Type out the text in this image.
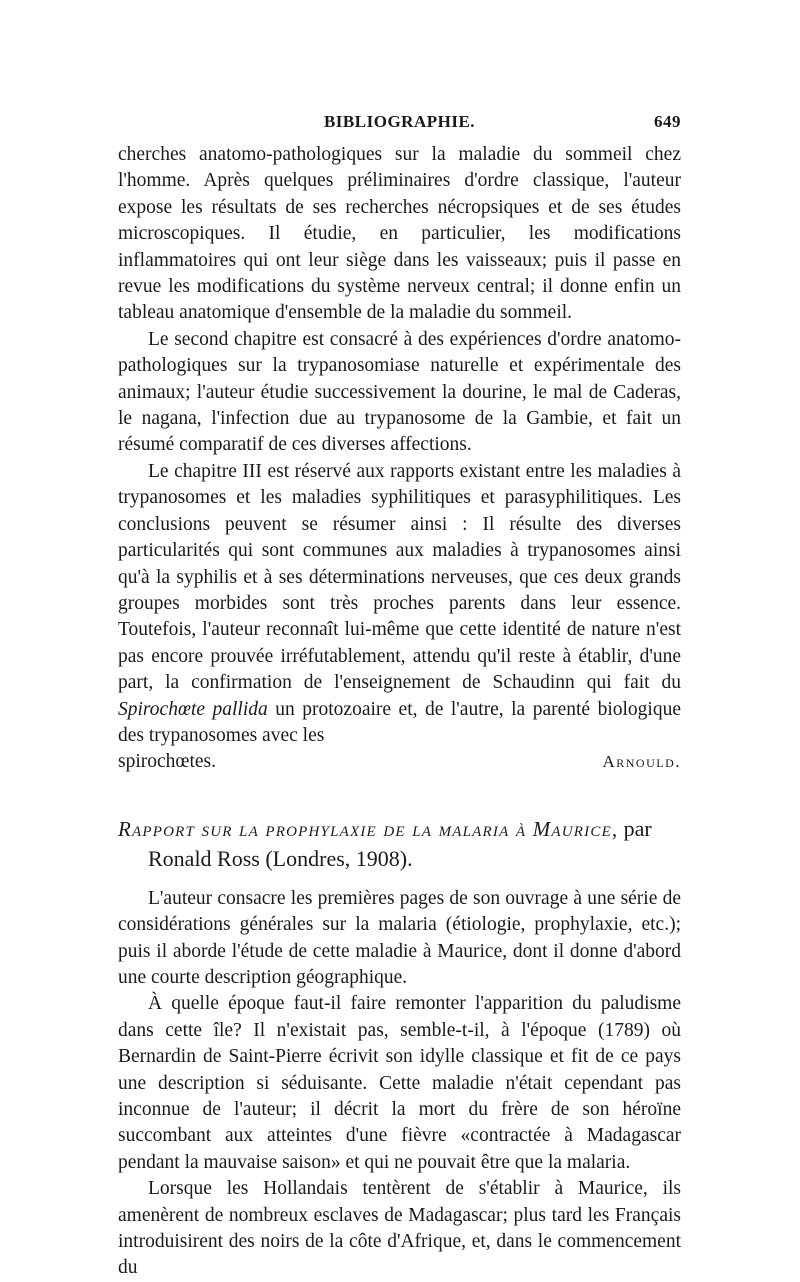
BIBLIOGRAPHIE.	649

cherches anatomo-pathologiques sur la maladie du sommeil chez l'homme. Après quelques préliminaires d'ordre classique, l'auteur expose les résultats de ses recherches nécropsiques et de ses études microscopiques. Il étudie, en particulier, les modifications inflammatoires qui ont leur siège dans les vaisseaux; puis il passe en revue les modifications du système nerveux central; il donne enfin un tableau anatomique d'ensemble de la maladie du sommeil.

Le second chapitre est consacré à des expériences d'ordre anatomo-pathologiques sur la trypanosomiase naturelle et expérimentale des animaux; l'auteur étudie successivement la dourine, le mal de Caderas, le nagana, l'infection due au trypanosome de la Gambie, et fait un résumé comparatif de ces diverses affections.

Le chapitre III est réservé aux rapports existant entre les maladies à trypanosomes et les maladies syphilitiques et parasyphilitiques. Les conclusions peuvent se résumer ainsi : Il résulte des diverses particularités qui sont communes aux maladies à trypanosomes ainsi qu'à la syphilis et à ses déterminations nerveuses, que ces deux grands groupes morbides sont très proches parents dans leur essence. Toutefois, l'auteur reconnaît lui-même que cette identité de nature n'est pas encore prouvée irréfutablement, attendu qu'il reste à établir, d'une part, la confirmation de l'enseignement de Schaudinn qui fait du Spirochœte pallida un protozoaire et, de l'autre, la parenté biologique des trypanosomes avec les

spirochœtes.	Arnould.
Rapport sur la prophylaxie de la malaria à Maurice, par
Ronald Ross (Londres, 1908).

L'auteur consacre les premières pages de son ouvrage à une série de considérations générales sur la malaria (étiologie, prophylaxie, etc.); puis il aborde l'étude de cette maladie à Maurice, dont il donne d'abord une courte description géographique.

À quelle époque faut-il faire remonter l'apparition du paludisme dans cette île? Il n'existait pas, semble-t-il, à l'époque (1789) où Bernardin de Saint-Pierre écrivit son idylle classique et fit de ce pays une description si séduisante. Cette maladie n'était cependant pas inconnue de l'auteur; il décrit la mort du frère de son héroïne succombant aux atteintes d'une fièvre «contractée à Madagascar pendant la mauvaise saison» et qui ne pouvait être que la malaria.

Lorsque les Hollandais tentèrent de s'établir à Maurice, ils amenèrent de nombreux esclaves de Madagascar; plus tard les Français introduisirent des noirs de la côte d'Afrique, et, dans le commencement du
